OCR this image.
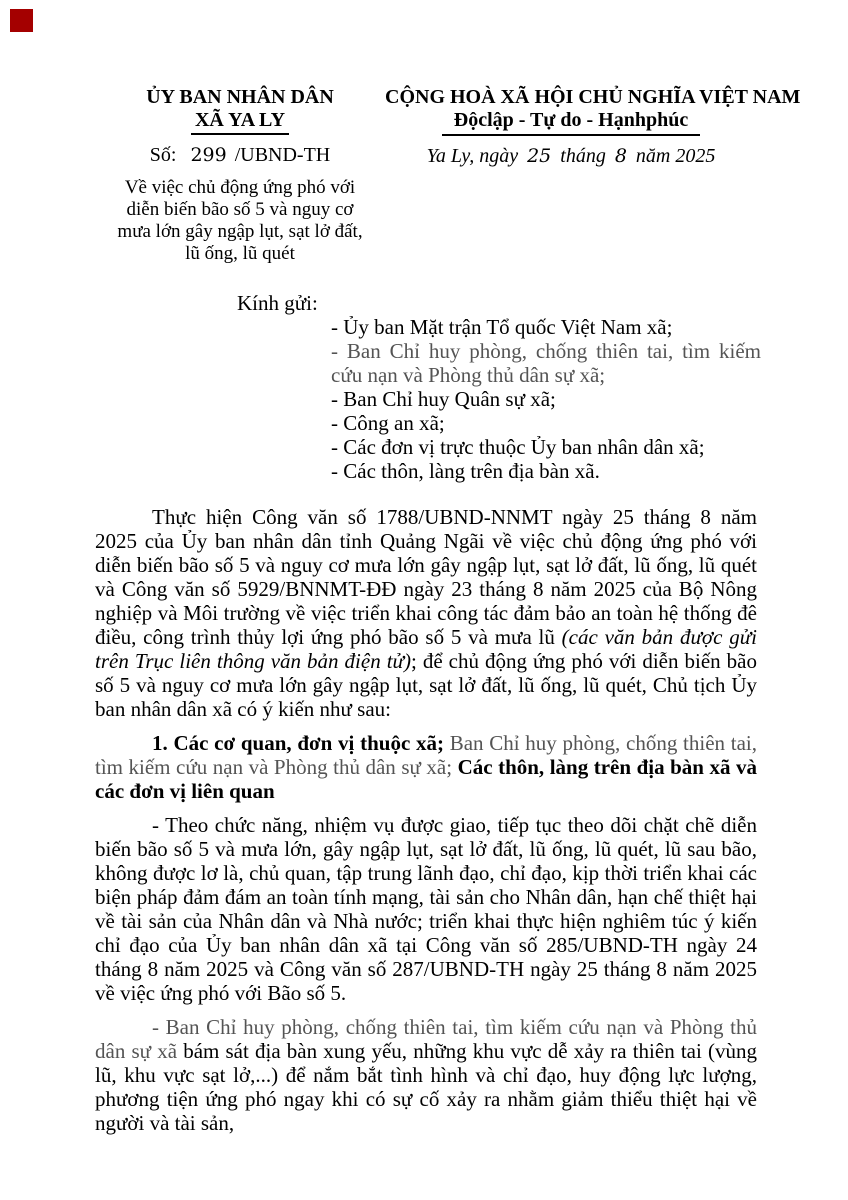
ỦY BAN NHÂN DÂN
XÃ YA LY
Số: 299 /UBND-TH
Về việc chủ động ứng phó với diễn biến bão số 5 và nguy cơ mưa lớn gây ngập lụt, sạt lở đất, lũ ống, lũ quét
CỘNG HOÀ XÃ HỘI CHỦ NGHĨA VIỆT NAM
Độclập - Tự do - Hạnhphúc
Ya Ly, ngày 25 tháng 8 năm 2025
Kính gửi:
- Ủy ban Mặt trận Tổ quốc Việt Nam xã;
- Ban Chỉ huy phòng, chống thiên tai, tìm kiếm cứu nạn và Phòng thủ dân sự xã;
- Ban Chỉ huy Quân sự xã;
- Công an xã;
- Các đơn vị trực thuộc Ủy ban nhân dân xã;
- Các thôn, làng trên địa bàn xã.

Thực hiện Công văn số 1788/UBND-NNMT ngày 25 tháng 8 năm 2025 của Ủy ban nhân dân tỉnh Quảng Ngãi về việc chủ động ứng phó với diễn biến bão số 5 và nguy cơ mưa lớn gây ngập lụt, sạt lở đất, lũ ống, lũ quét và Công văn số 5929/BNNMT-ĐĐ ngày 23 tháng 8 năm 2025 của Bộ Nông nghiệp và Môi trường về việc triển khai công tác đảm bảo an toàn hệ thống đê điều, công trình thủy lợi ứng phó bão số 5 và mưa lũ (các văn bản được gửi trên Trục liên thông văn bản điện tử); để chủ động ứng phó với diễn biến bão số 5 và nguy cơ mưa lớn gây ngập lụt, sạt lở đất, lũ ống, lũ quét, Chủ tịch Ủy ban nhân dân xã có ý kiến như sau:

1. Các cơ quan, đơn vị thuộc xã; Ban Chỉ huy phòng, chống thiên tai, tìm kiếm cứu nạn và Phòng thủ dân sự xã; Các thôn, làng trên địa bàn xã và các đơn vị liên quan

- Theo chức năng, nhiệm vụ được giao, tiếp tục theo dõi chặt chẽ diễn biến bão số 5 và mưa lớn, gây ngập lụt, sạt lở đất, lũ ống, lũ quét, lũ sau bão, không được lơ là, chủ quan, tập trung lãnh đạo, chỉ đạo, kịp thời triển khai các biện pháp đảm đám an toàn tính mạng, tài sản cho Nhân dân, hạn chế thiệt hại về tài sản của Nhân dân và Nhà nước; triển khai thực hiện nghiêm túc ý kiến chỉ đạo của Ủy ban nhân dân xã tại Công văn số 285/UBND-TH ngày 24 tháng 8 năm 2025 và Công văn số 287/UBND-TH ngày 25 tháng 8 năm 2025 về việc ứng phó với Bão số 5.

- Ban Chỉ huy phòng, chống thiên tai, tìm kiếm cứu nạn và Phòng thủ dân sự xã bám sát địa bàn xung yếu, những khu vực dễ xảy ra thiên tai (vùng lũ, khu vực sạt lở,...) để nắm bắt tình hình và chỉ đạo, huy động lực lượng, phương tiện ứng phó ngay khi có sự cố xảy ra nhằm giảm thiểu thiệt hại về người và tài sản,
